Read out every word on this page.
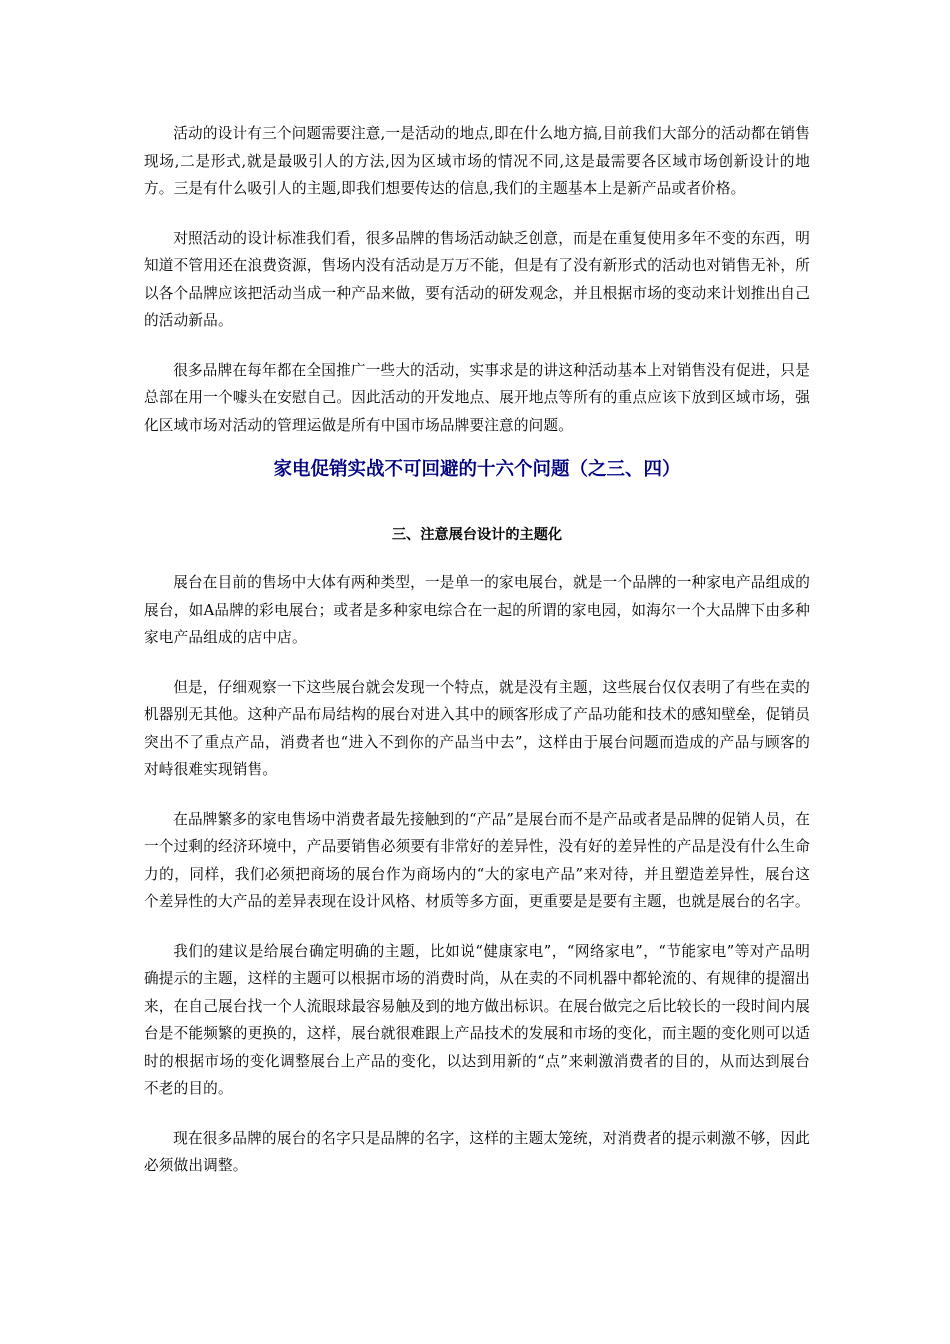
活动的设计有三个问题需要注意,一是活动的地点,即在什么地方搞,目前我们大部分的活动都在销售现场,二是形式,就是最吸引人的方法,因为区域市场的情况不同,这是最需要各区域市场创新设计的地方。三是有什么吸引人的主题,即我们想要传达的信息,我们的主题基本上是新产品或者价格。

对照活动的设计标准我们看，很多品牌的售场活动缺乏创意，而是在重复使用多年不变的东西，明知道不管用还在浪费资源，售场内没有活动是万万不能，但是有了没有新形式的活动也对销售无补，所以各个品牌应该把活动当成一种产品来做，要有活动的研发观念，并且根据市场的变动来计划推出自己的活动新品。

很多品牌在每年都在全国推广一些大的活动，实事求是的讲这种活动基本上对销售没有促进，只是总部在用一个噱头在安慰自己。因此活动的开发地点、展开地点等所有的重点应该下放到区域市场，强化区域市场对活动的管理运做是所有中国市场品牌要注意的问题。

家电促销实战不可回避的十六个问题（之三、四）
三、注意展台设计的主题化

展台在目前的售场中大体有两种类型，一是单一的家电展台，就是一个品牌的一种家电产品组成的展台，如A品牌的彩电展台；或者是多种家电综合在一起的所谓的家电园，如海尔一个大品牌下由多种家电产品组成的店中店。

但是，仔细观察一下这些展台就会发现一个特点，就是没有主题，这些展台仅仅表明了有些在卖的机器别无其他。这种产品布局结构的展台对进入其中的顾客形成了产品功能和技术的感知壁垒，促销员突出不了重点产品，消费者也“进入不到你的产品当中去”，这样由于展台问题而造成的产品与顾客的对峙很难实现销售。

在品牌繁多的家电售场中消费者最先接触到的“产品”是展台而不是产品或者是品牌的促销人员，在一个过剩的经济环境中，产品要销售必须要有非常好的差异性，没有好的差异性的产品是没有什么生命力的，同样，我们必须把商场的展台作为商场内的“大的家电产品”来对待，并且塑造差异性，展台这个差异性的大产品的差异表现在设计风格、材质等多方面，更重要是是要有主题，也就是展台的名字。

我们的建议是给展台确定明确的主题，比如说“健康家电”，“网络家电”，“节能家电”等对产品明确提示的主题，这样的主题可以根据市场的消费时尚，从在卖的不同机器中都轮流的、有规律的提溜出来，在自己展台找一个人流眼球最容易触及到的地方做出标识。在展台做完之后比较长的一段时间内展台是不能频繁的更换的，这样，展台就很难跟上产品技术的发展和市场的变化，而主题的变化则可以适时的根据市场的变化调整展台上产品的变化，以达到用新的“点”来刺激消费者的目的，从而达到展台不老的目的。

现在很多品牌的展台的名字只是品牌的名字，这样的主题太笼统，对消费者的提示刺激不够，因此必须做出调整。
